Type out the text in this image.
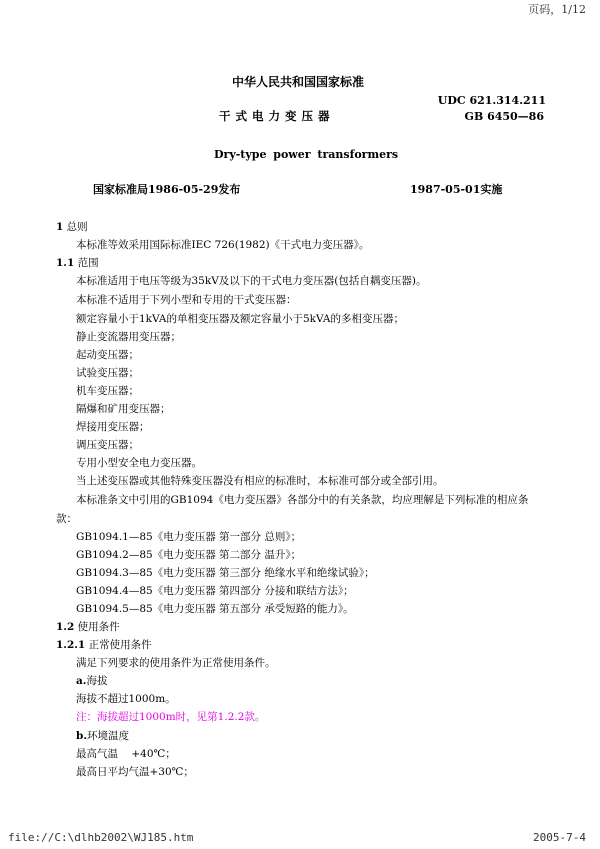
页码，1/12
中华人民共和国国家标准
UDC 621.314.211
干式电力变压器	GB 6450—86
Dry-type power transformers
国家标准局1986-05-29发布	1987-05-01实施
1 总则
本标准等效采用国际标准IEC 726(1982)《干式电力变压器》。
1.1 范围
本标准适用于电压等级为35kV及以下的干式电力变压器(包括自耦变压器)。
本标准不适用于下列小型和专用的干式变压器：
额定容量小于1kVA的单相变压器及额定容量小于5kVA的多相变压器；
静止变流器用变压器；
起动变压器；
试验变压器；
机车变压器；
隔爆和矿用变压器；
焊接用变压器；
调压变压器；
专用小型安全电力变压器。
当上述变压器或其他特殊变压器没有相应的标准时，本标准可部分或全部引用。
本标准条文中引用的GB1094《电力变压器》各部分中的有关条款，均应理解是下列标准的相应条
款：
GB1094.1—85《电力变压器 第一部分 总则》；
GB1094.2—85《电力变压器 第二部分 温升》；
GB1094.3—85《电力变压器 第三部分 绝缘水平和绝缘试验》；
GB1094.4—85《电力变压器 第四部分 分接和联结方法》；
GB1094.5—85《电力变压器 第五部分 承受短路的能力》。
1.2 使用条件
1.2.1 正常使用条件
满足下列要求的使用条件为正常使用条件。
a.海拔
海拔不超过1000m。
注：海拔超过1000m时，见第1.2.2款。
b.环境温度
最高气温    +40℃；
最高日平均气温+30℃；
file://C:\dlhb2002\WJ185.htm	2005-7-4
